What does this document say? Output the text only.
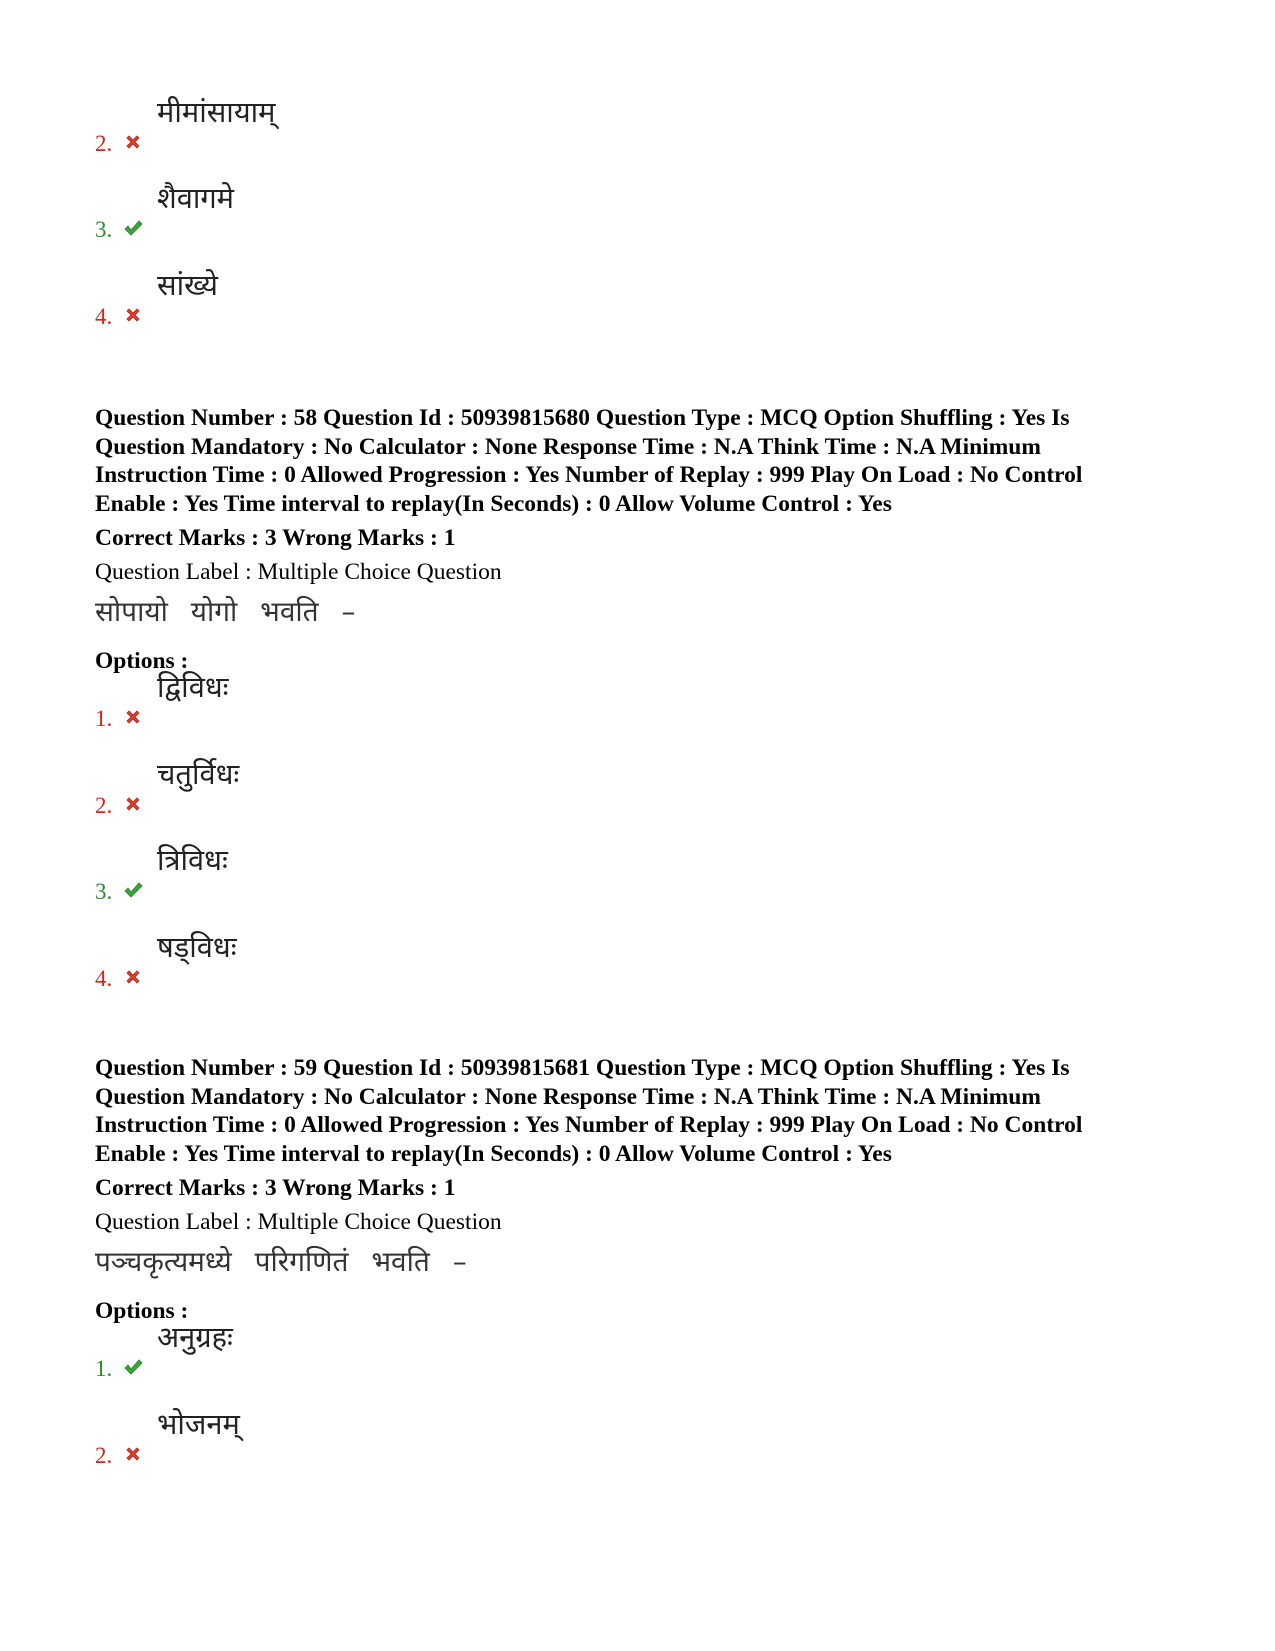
2.
मीमांसायाम्
3.
शैवागमे
4.
सांख्ये
Question Number : 58 Question Id : 50939815680 Question Type : MCQ Option Shuffling : Yes Is
Question Mandatory : No Calculator : None Response Time : N.A Think Time : N.A Minimum
Instruction Time : 0 Allowed Progression : Yes Number of Replay : 999 Play On Load : No Control
Enable : Yes Time interval to replay(In Seconds) : 0 Allow Volume Control : Yes
Correct Marks : 3 Wrong Marks : 1
Question Label : Multiple Choice Question
सोपायो योगो भवति –
Options :
1.
द्विविधः
2.
चतुर्विधः
3.
त्रिविधः
4.
षड्विधः
Question Number : 59 Question Id : 50939815681 Question Type : MCQ Option Shuffling : Yes Is
Question Mandatory : No Calculator : None Response Time : N.A Think Time : N.A Minimum
Instruction Time : 0 Allowed Progression : Yes Number of Replay : 999 Play On Load : No Control
Enable : Yes Time interval to replay(In Seconds) : 0 Allow Volume Control : Yes
Correct Marks : 3 Wrong Marks : 1
Question Label : Multiple Choice Question
पञ्चकृत्यमध्ये परिगणितं भवति –
Options :
1.
अनुग्रहः
2.
भोजनम्
